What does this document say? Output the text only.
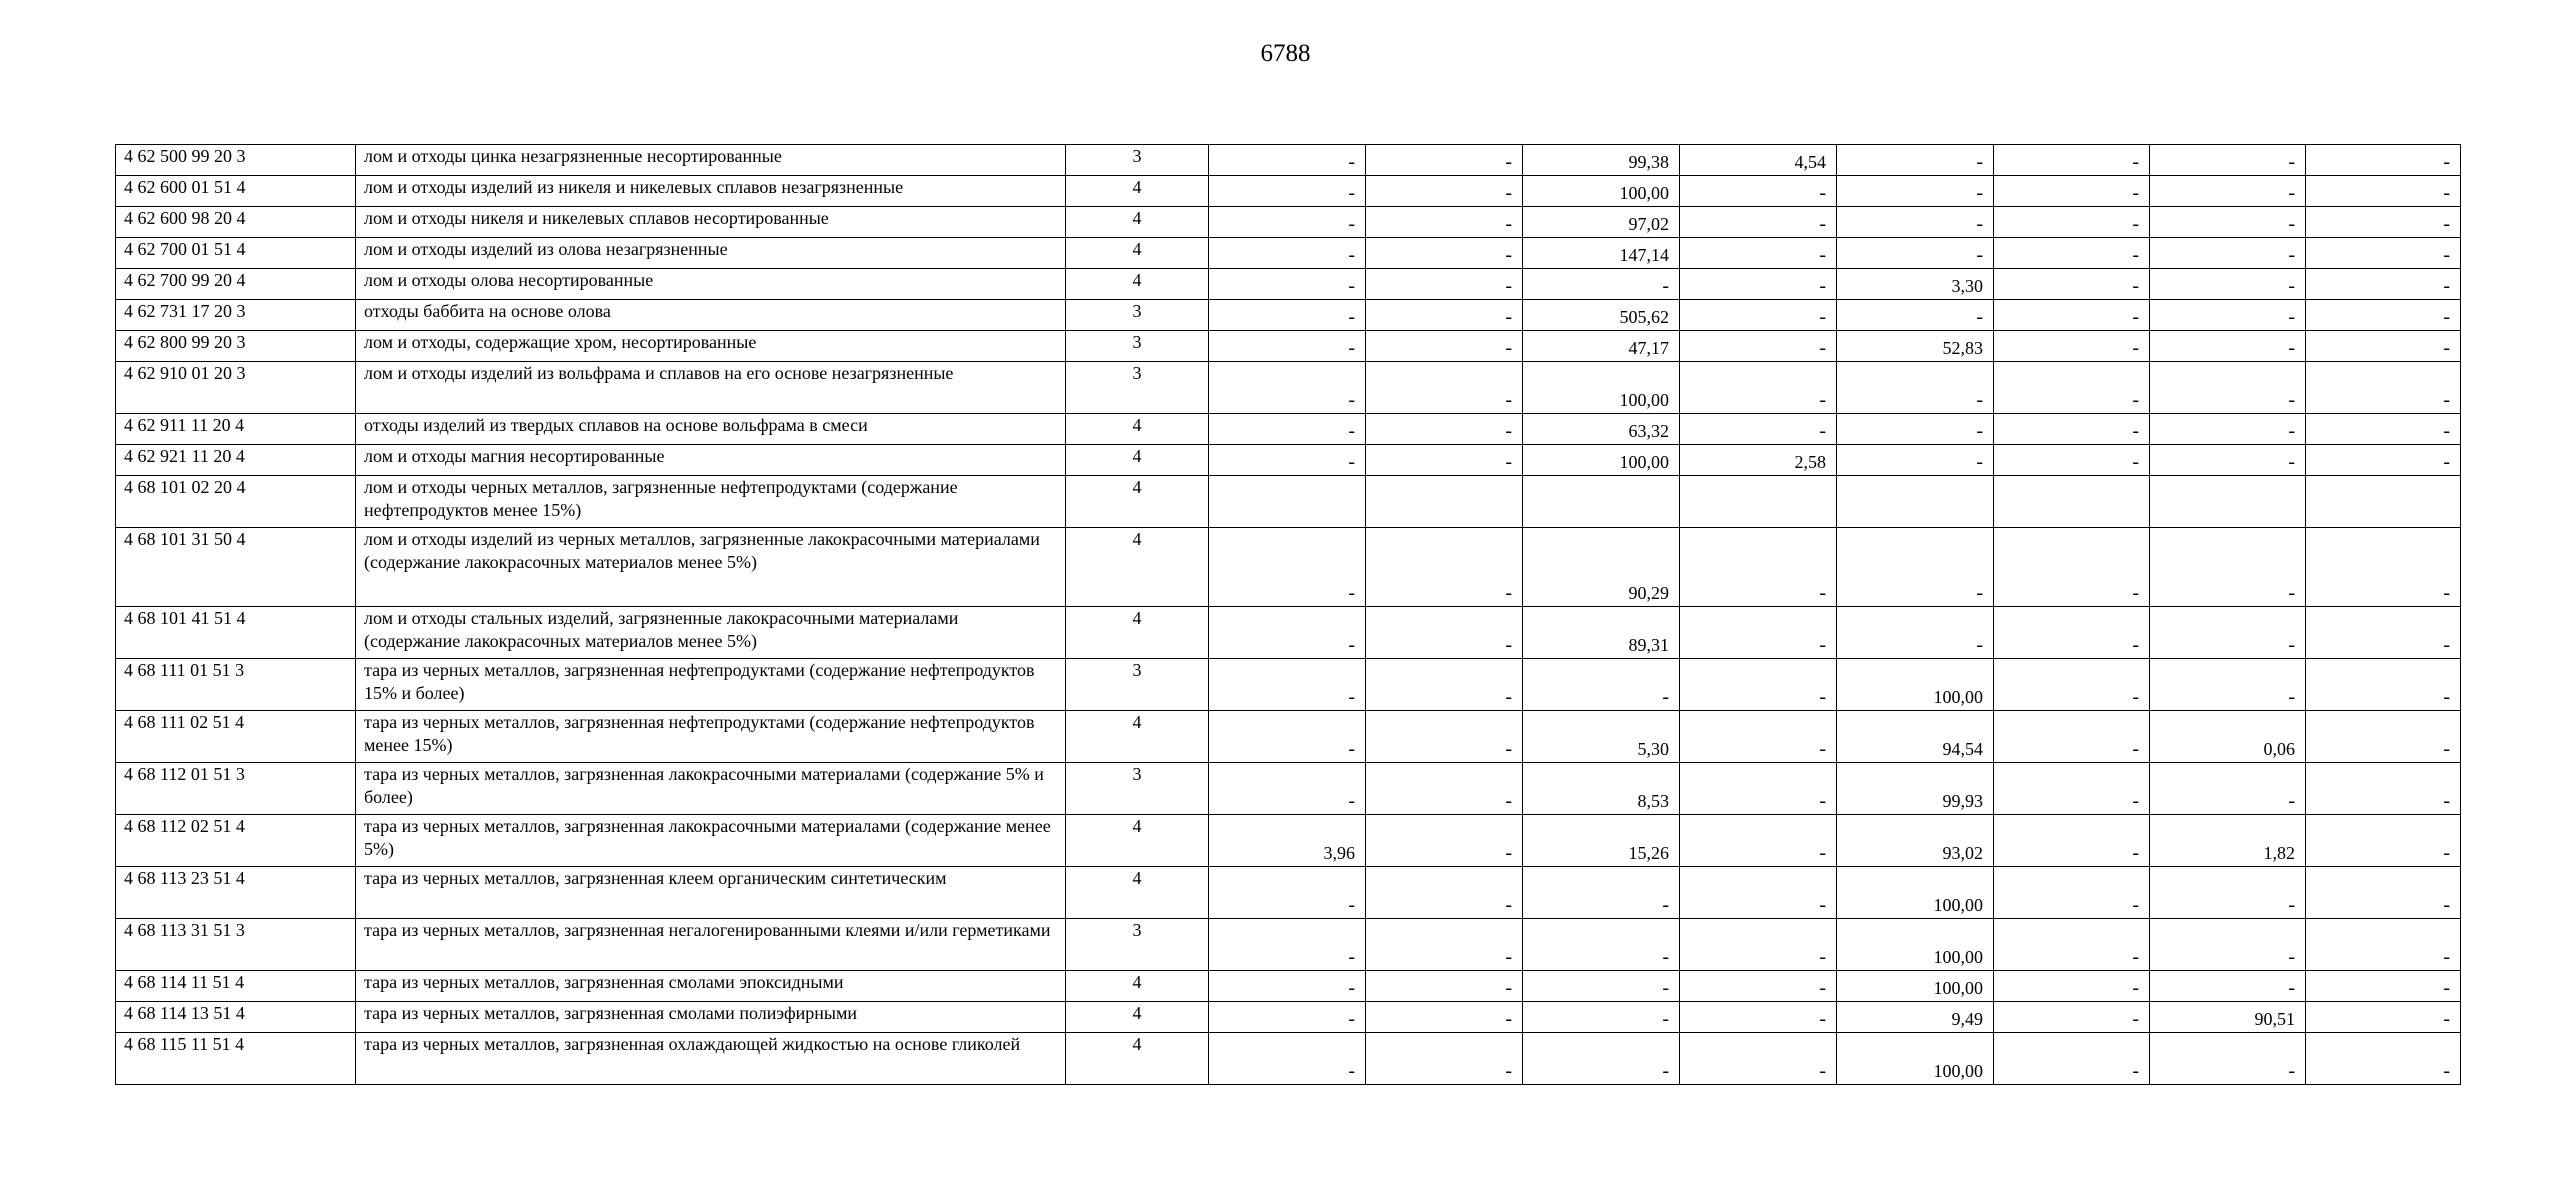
6788
4 62 500 99 20 3	лом и отходы цинка незагрязненные несортированные	3	-	-	99,38	4,54	-	-	-	-
4 62 600 01 51 4	лом и отходы изделий из никеля и никелевых сплавов незагрязненные	4	-	-	100,00	-	-	-	-	-
4 62 600 98 20 4	лом и отходы никеля и никелевых сплавов несортированные	4	-	-	97,02	-	-	-	-	-
4 62 700 01 51 4	лом и отходы изделий из олова незагрязненные	4	-	-	147,14	-	-	-	-	-
4 62 700 99 20 4	лом и отходы олова несортированные	4	-	-	-	-	3,30	-	-	-
4 62 731 17 20 3	отходы баббита на основе олова	3	-	-	505,62	-	-	-	-	-
4 62 800 99 20 3	лом и отходы, содержащие хром, несортированные	3	-	-	47,17	-	52,83	-	-	-
4 62 910 01 20 3	лом и отходы изделий из вольфрама и сплавов на его основе незагрязненные	3	-	-	100,00	-	-	-	-	-
4 62 911 11 20 4	отходы изделий из твердых сплавов на основе вольфрама в смеси	4	-	-	63,32	-	-	-	-	-
4 62 921 11 20 4	лом и отходы магния несортированные	4	-	-	100,00	2,58	-	-	-	-
4 68 101 02 20 4	лом и отходы черных металлов, загрязненные нефтепродуктами (содержание нефтепродуктов менее 15%)	4								
4 68 101 31 50 4	лом и отходы изделий из черных металлов, загрязненные лакокрасочными материалами (содержание лакокрасочных материалов менее 5%)	4	-	-	90,29	-	-	-	-	-
4 68 101 41 51 4	лом и отходы стальных изделий, загрязненные лакокрасочными материалами (содержание лакокрасочных материалов менее 5%)	4	-	-	89,31	-	-	-	-	-
4 68 111 01 51 3	тара из черных металлов, загрязненная нефтепродуктами (содержание нефтепродуктов 15% и более)	3	-	-	-	-	100,00	-	-	-
4 68 111 02 51 4	тара из черных металлов, загрязненная нефтепродуктами (содержание нефтепродуктов менее 15%)	4	-	-	5,30	-	94,54	-	0,06	-
4 68 112 01 51 3	тара из черных металлов, загрязненная лакокрасочными материалами (содержание 5% и более)	3	-	-	8,53	-	99,93	-	-	-
4 68 112 02 51 4	тара из черных металлов, загрязненная лакокрасочными материалами (содержание менее 5%)	4	3,96	-	15,26	-	93,02	-	1,82	-
4 68 113 23 51 4	тара из черных металлов, загрязненная клеем органическим синтетическим	4	-	-	-	-	100,00	-	-	-
4 68 113 31 51 3	тара из черных металлов, загрязненная негалогенированными клеями и/или герметиками	3	-	-	-	-	100,00	-	-	-
4 68 114 11 51 4	тара из черных металлов, загрязненная смолами эпоксидными	4	-	-	-	-	100,00	-	-	-
4 68 114 13 51 4	тара из черных металлов, загрязненная смолами полиэфирными	4	-	-	-	-	9,49	-	90,51	-
4 68 115 11 51 4	тара из черных металлов, загрязненная охлаждающей жидкостью на основе гликолей	4	-	-	-	-	100,00	-	-	-
